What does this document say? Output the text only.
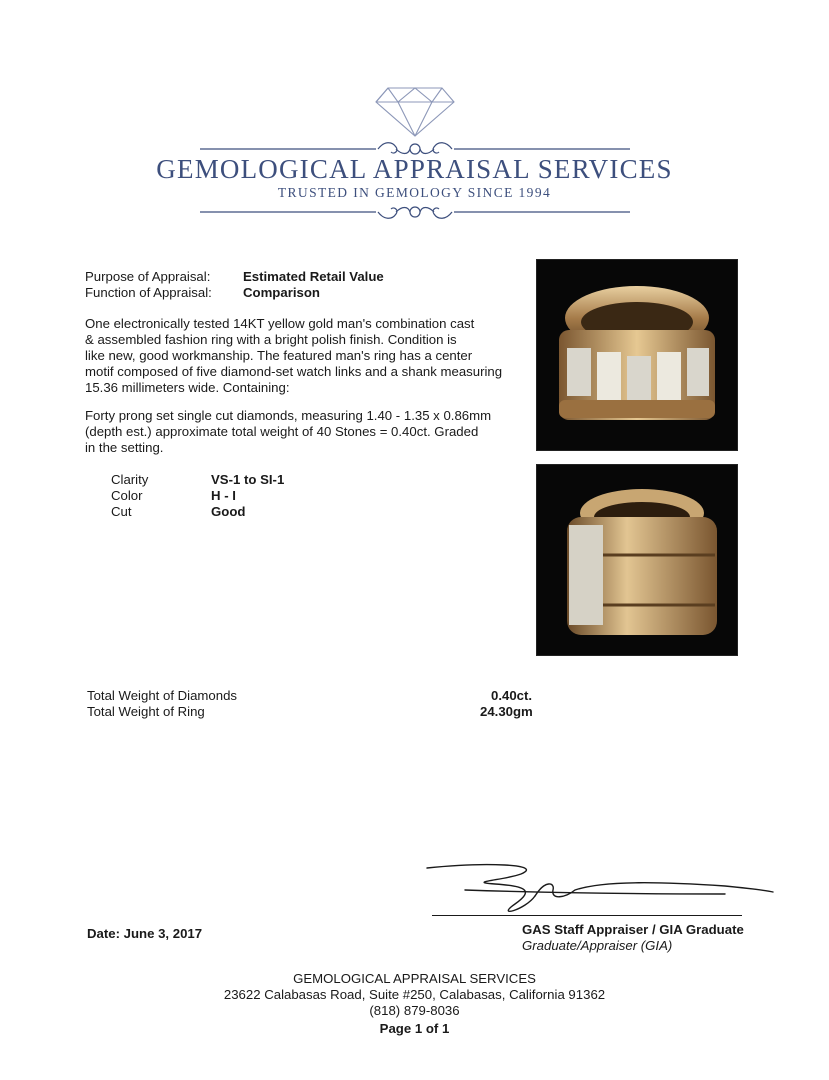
GEMOLOGICAL APPRAISAL SERVICES
TRUSTED IN GEMOLOGY SINCE 1994
Purpose of Appraisal: Estimated Retail Value
Function of Appraisal: Comparison
One electronically tested 14KT yellow gold man's combination cast
& assembled fashion ring with a bright polish finish. Condition is
like new, good workmanship. The featured man's ring has a center
motif composed of five diamond-set watch links and a shank measuring
15.36 millimeters wide. Containing:
Forty prong set single cut diamonds, measuring 1.40 - 1.35 x 0.86mm
(depth est.) approximate total weight of 40 Stones = 0.40ct. Graded
in the setting.
Clarity	VS-1 to SI-1
Color	H - I
Cut	Good
Total Weight of Diamonds	0.40ct.
Total Weight of Ring	24.30gm
Date: June 3, 2017	GAS Staff Appraiser / GIA Graduate
Graduate/Appraiser (GIA)
GEMOLOGICAL APPRAISAL SERVICES
23622 Calabasas Road, Suite #250, Calabasas, California 91362
(818) 879-8036
Page 1 of 1
